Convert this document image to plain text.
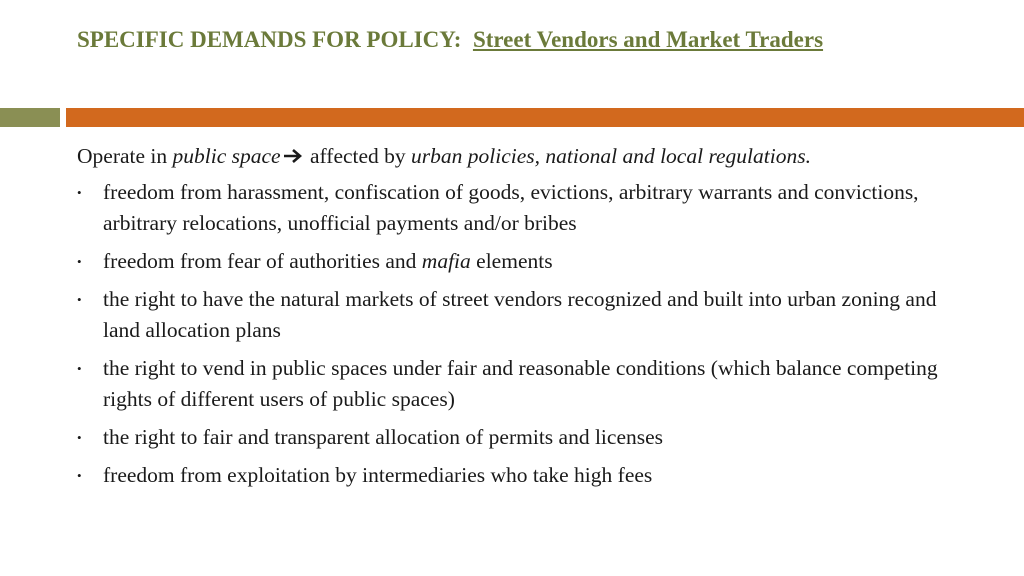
SPECIFIC DEMANDS FOR POLICY: Street Vendors and Market Traders

Operate in public space affected by urban policies, national and local regulations.

• freedom from harassment, confiscation of goods, evictions, arbitrary warrants and convictions, arbitrary relocations, unofficial payments and/or bribes
• freedom from fear of authorities and mafia elements
• the right to have the natural markets of street vendors recognized and built into urban zoning and land allocation plans
• the right to vend in public spaces under fair and reasonable conditions (which balance competing rights of different users of public spaces)
• the right to fair and transparent allocation of permits and licenses
• freedom from exploitation by intermediaries who take high fees
